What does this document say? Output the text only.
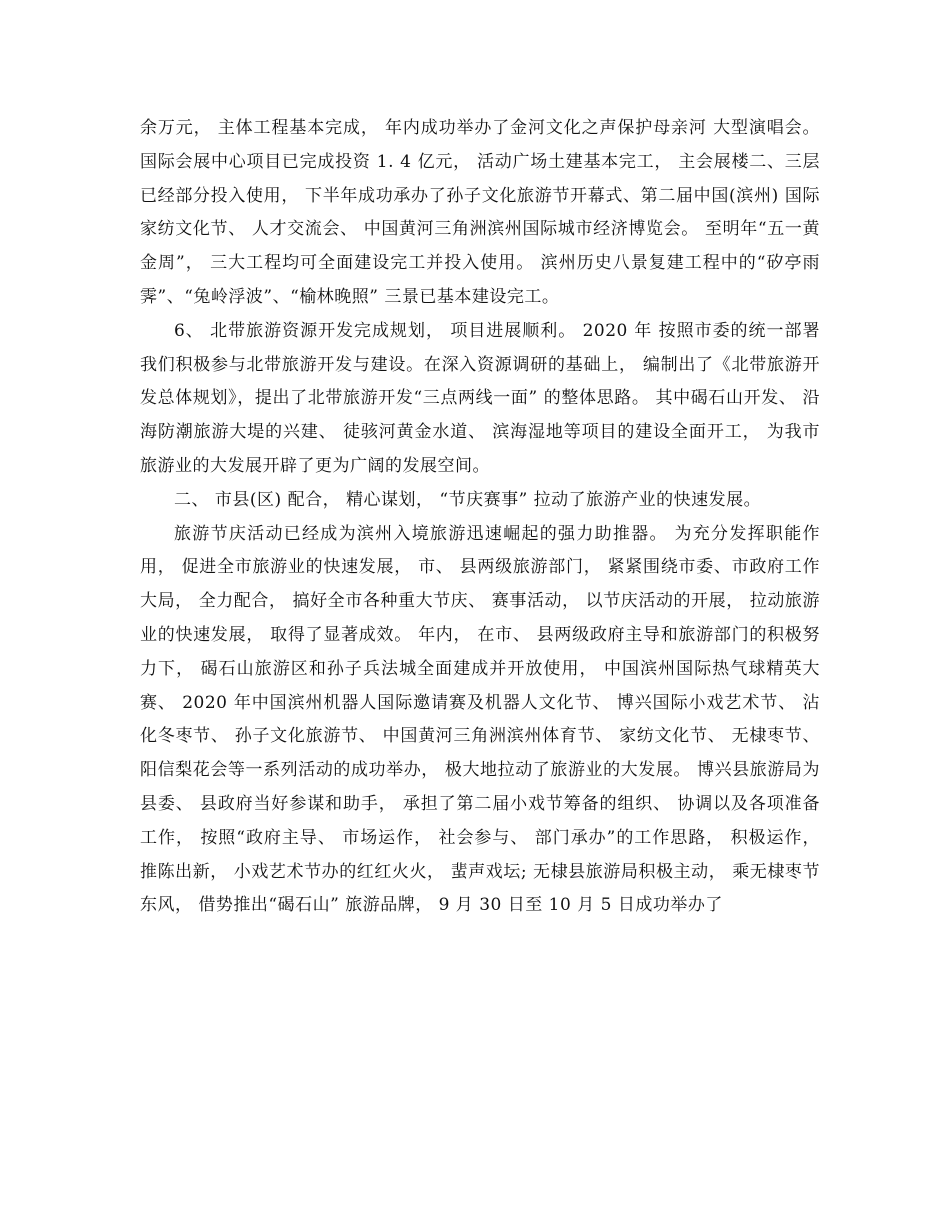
余万元， 主体工程基本完成， 年内成功举办了金河文化之声保护母亲河 大型演唱会。 国际会展中心项目已完成投资 1. 4 亿元， 活动广场土建基本完工， 主会展楼二、三层已经部分投入使用， 下半年成功承办了孙子文化旅游节开幕式、第二届中国(滨州) 国际家纺文化节、 人才交流会、 中国黄河三角洲滨州国际城市经济博览会。 至明年“五一黄金周”， 三大工程均可全面建设完工并投入使用。 滨州历史八景复建工程中的“矽亭雨霁”、“兔岭浮波”、“榆林晚照” 三景已基本建设完工。

6、 北带旅游资源开发完成规划， 项目进展顺利。 2020 年 按照市委的统一部署 我们积极参与北带旅游开发与建设。在深入资源调研的基础上， 编制出了《北带旅游开发总体规划》，提出了北带旅游开发“三点两线一面” 的整体思路。 其中碣石山开发、 沿海防潮旅游大堤的兴建、 徒骇河黄金水道、 滨海湿地等项目的建设全面开工， 为我市旅游业的大发展开辟了更为广阔的发展空间。

二、 市县(区) 配合， 精心谋划， “节庆赛事” 拉动了旅游产业的快速发展。

旅游节庆活动已经成为滨州入境旅游迅速崛起的强力助推器。 为充分发挥职能作用， 促进全市旅游业的快速发展， 市、 县两级旅游部门， 紧紧围绕市委、市政府工作大局， 全力配合， 搞好全市各种重大节庆、 赛事活动， 以节庆活动的开展， 拉动旅游业的快速发展， 取得了显著成效。 年内， 在市、 县两级政府主导和旅游部门的积极努力下， 碣石山旅游区和孙子兵法城全面建成并开放使用， 中国滨州国际热气球精英大赛、 2020 年中国滨州机器人国际邀请赛及机器人文化节、 博兴国际小戏艺术节、 沾化冬枣节、 孙子文化旅游节、 中国黄河三角洲滨州体育节、 家纺文化节、 无棣枣节、 阳信梨花会等一系列活动的成功举办， 极大地拉动了旅游业的大发展。 博兴县旅游局为县委、 县政府当好参谋和助手， 承担了第二届小戏节筹备的组织、 协调以及各项准备工作， 按照“政府主导、 市场运作， 社会参与、 部门承办”的工作思路， 积极运作， 推陈出新， 小戏艺术节办的红红火火， 蜚声戏坛; 无棣县旅游局积极主动， 乘无棣枣节东风， 借势推出“碣石山” 旅游品牌， 9 月 30 日至 10 月 5 日成功举办了
